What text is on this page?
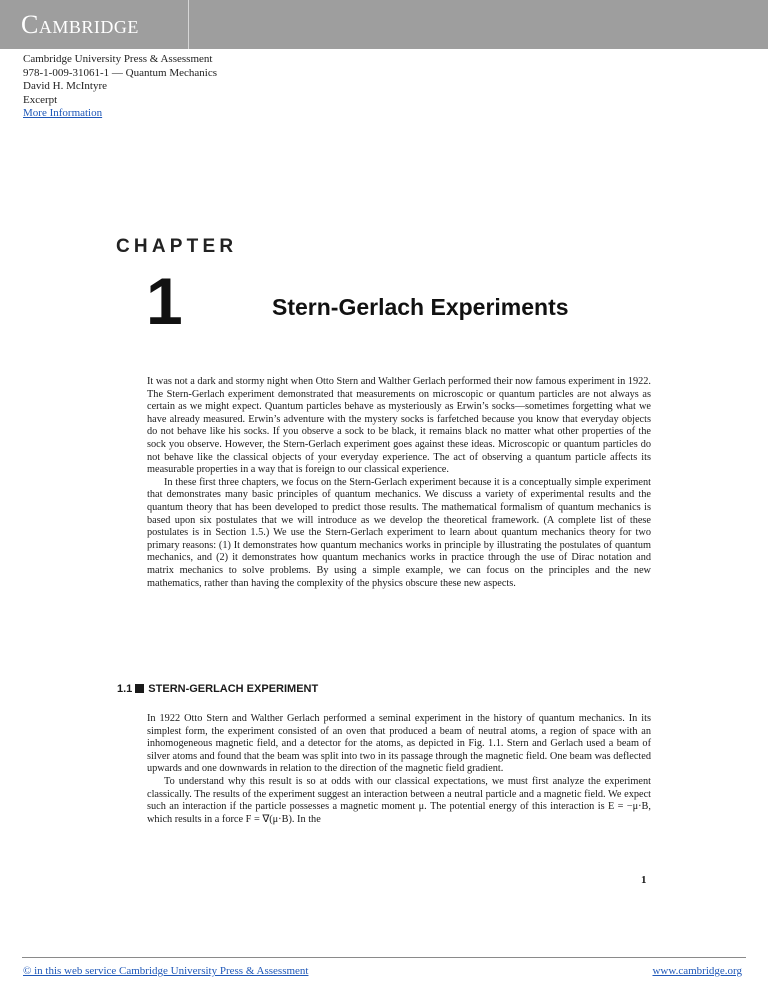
Cambridge
Cambridge University Press & Assessment
978-1-009-31061-1 — Quantum Mechanics
David H. McIntyre
Excerpt
More Information
CHAPTER
1	Stern-Gerlach Experiments
It was not a dark and stormy night when Otto Stern and Walther Gerlach performed their now famous experiment in 1922. The Stern-Gerlach experiment demonstrated that measurements on microscopic or quantum particles are not always as certain as we might expect. Quantum particles behave as mysteriously as Erwin’s socks—sometimes forgetting what we have already measured. Erwin’s adventure with the mystery socks is farfetched because you know that everyday objects do not behave like his socks. If you observe a sock to be black, it remains black no matter what other properties of the sock you observe. However, the Stern-Gerlach experiment goes against these ideas. Microscopic or quantum particles do not behave like the classical objects of your everyday experience. The act of observing a quantum particle affects its measurable properties in a way that is foreign to our classical experience.
In these first three chapters, we focus on the Stern-Gerlach experiment because it is a conceptually simple experiment that demonstrates many basic principles of quantum mechanics. We discuss a variety of experimental results and the quantum theory that has been developed to predict those results. The mathematical formalism of quantum mechanics is based upon six postulates that we will introduce as we develop the theoretical framework. (A complete list of these postulates is in Section 1.5.) We use the Stern-Gerlach experiment to learn about quantum mechanics theory for two primary reasons: (1) It demonstrates how quantum mechanics works in principle by illustrating the postulates of quantum mechanics, and (2) it demonstrates how quantum mechanics works in practice through the use of Dirac notation and matrix mechanics to solve problems. By using a simple example, we can focus on the principles and the new mathematics, rather than having the complexity of the physics obscure these new aspects.
1.1 STERN-GERLACH EXPERIMENT
In 1922 Otto Stern and Walther Gerlach performed a seminal experiment in the history of quantum mechanics. In its simplest form, the experiment consisted of an oven that produced a beam of neutral atoms, a region of space with an inhomogeneous magnetic field, and a detector for the atoms, as depicted in Fig. 1.1. Stern and Gerlach used a beam of silver atoms and found that the beam was split into two in its passage through the magnetic field. One beam was deflected upwards and one downwards in relation to the direction of the magnetic field gradient.
To understand why this result is so at odds with our classical expectations, we must first analyze the experiment classically. The results of the experiment suggest an interaction between a neutral particle and a magnetic field. We expect such an interaction if the particle possesses a magnetic moment μ. The potential energy of this interaction is E = −μ·B, which results in a force F = ∇(μ·B). In the
1
© in this web service Cambridge University Press & Assessment	www.cambridge.org
